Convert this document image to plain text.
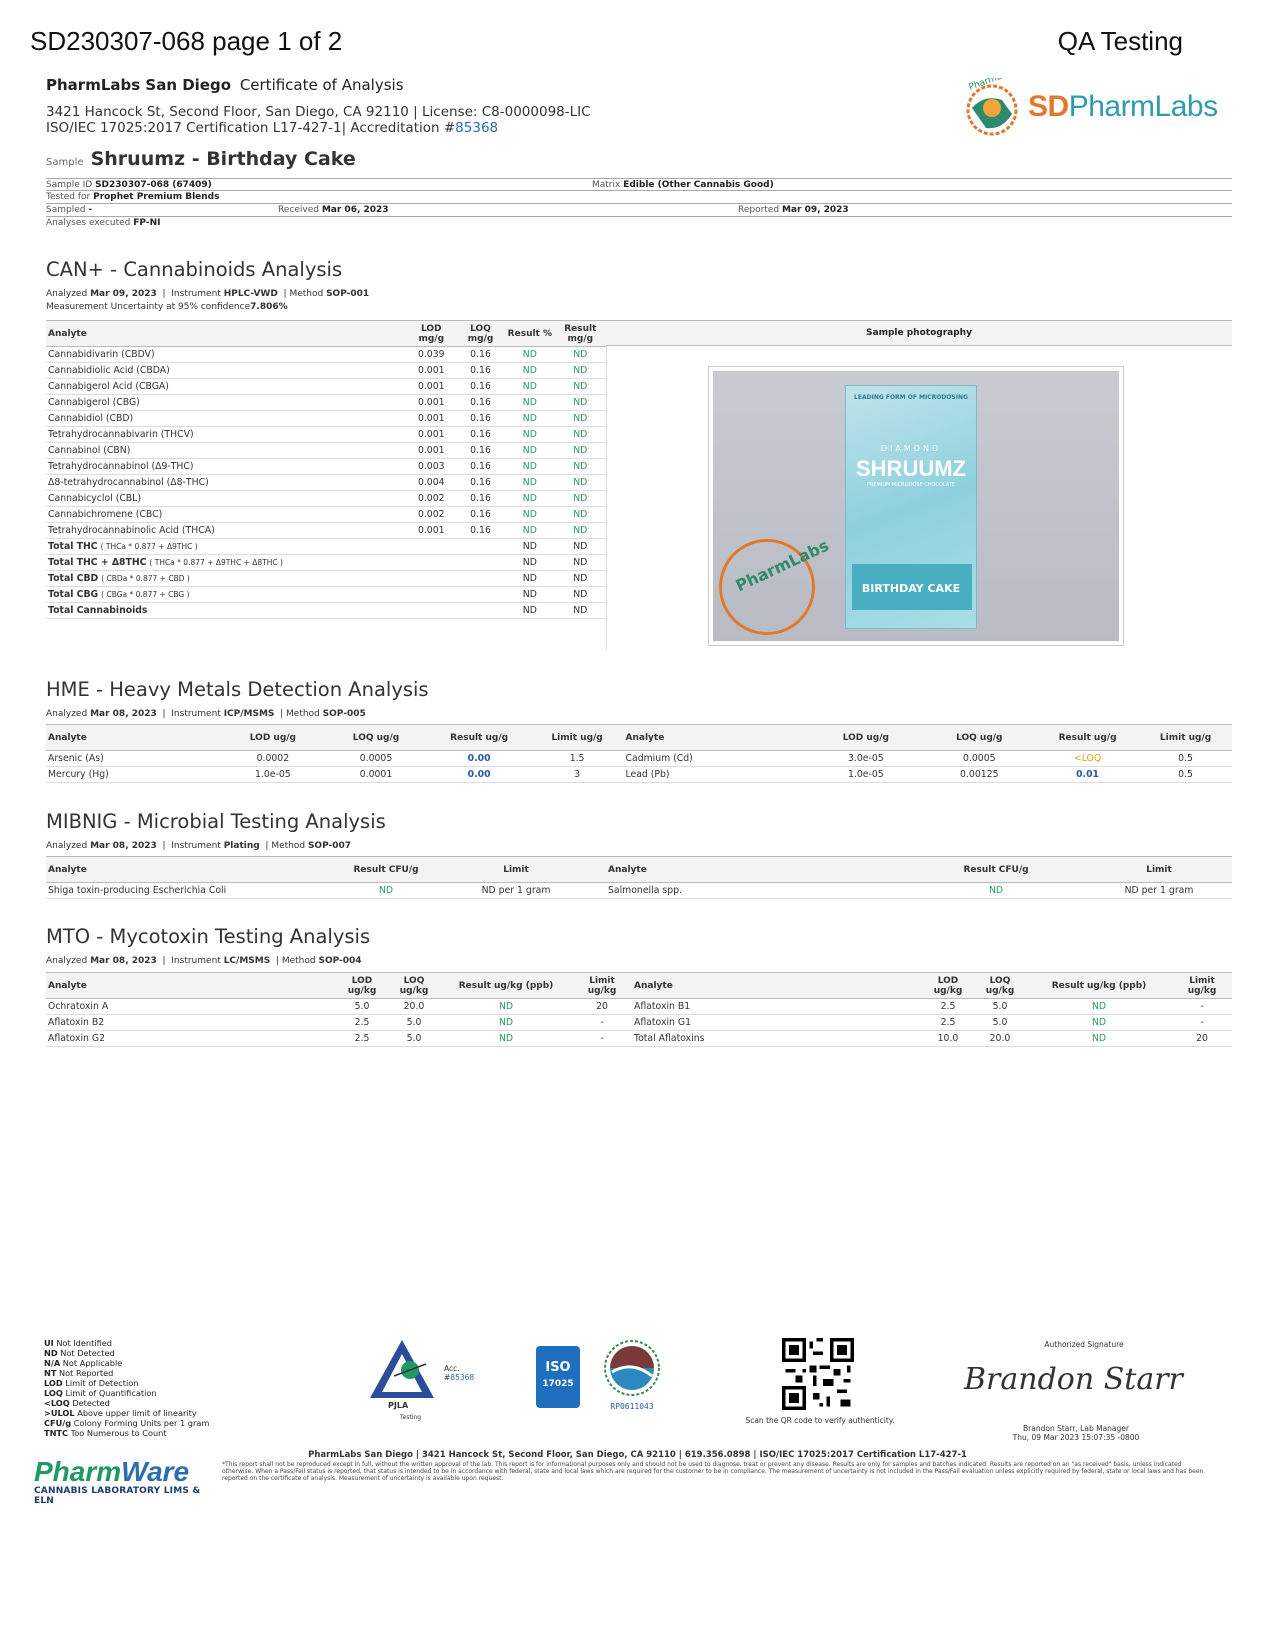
SD230307-068 page 1 of 2	QA Testing
PharmLabs San Diego Certificate of Analysis
3421 Hancock St, Second Floor, San Diego, CA 92110 | License: C8-0000098-LIC
ISO/IEC 17025:2017 Certification L17-427-1| Accreditation #85368
PharmLabs
SDPharmLabs
Sample Shruumz - Birthday Cake
Sample ID SD230307-068 (67409)	Matrix Edible (Other Cannabis Good)
Tested for Prophet Premium Blends
Sampled -	Received Mar 06, 2023	Reported Mar 09, 2023
Analyses executed FP-NI
CAN+ - Cannabinoids Analysis
Analyzed Mar 09, 2023  |  Instrument HPLC-VWD  | Method SOP-001
Measurement Uncertainty at 95% confidence7.806%
Analyte	LOD mg/g	LOQ mg/g	Result %	Result mg/g
Cannabidivarin (CBDV)	0.039	0.16	ND	ND
Cannabidiolic Acid (CBDA)	0.001	0.16	ND	ND
Cannabigerol Acid (CBGA)	0.001	0.16	ND	ND
Cannabigerol (CBG)	0.001	0.16	ND	ND
Cannabidiol (CBD)	0.001	0.16	ND	ND
Tetrahydrocannabivarin (THCV)	0.001	0.16	ND	ND
Cannabinol (CBN)	0.001	0.16	ND	ND
Tetrahydrocannabinol (Δ9-THC)	0.003	0.16	ND	ND
Δ8-tetrahydrocannabinol (Δ8-THC)	0.004	0.16	ND	ND
Cannabicyclol (CBL)	0.002	0.16	ND	ND
Cannabichromene (CBC)	0.002	0.16	ND	ND
Tetrahydrocannabinolic Acid (THCA)	0.001	0.16	ND	ND
Total THC ( THCa * 0.877 + Δ9THC )			ND	ND
Total THC + Δ8THC ( THCa * 0.877 + Δ9THC + Δ8THC )			ND	ND
Total CBD ( CBDa * 0.877 + CBD )			ND	ND
Total CBG ( CBGa * 0.877 + CBG )			ND	ND
Total Cannabinoids			ND	ND
Sample photography
LEADING FORM OF MICRODOSING
DIAMOND
SHRUUMZ
PREMIUM MICRODOSE CHOCOLATE
BIRTHDAY CAKE
PharmLabs
HME - Heavy Metals Detection Analysis
Analyzed Mar 08, 2023  |  Instrument ICP/MSMS  | Method SOP-005
Analyte	LOD ug/g	LOQ ug/g	Result ug/g	Limit ug/g	Analyte	LOD ug/g	LOQ ug/g	Result ug/g	Limit ug/g
Arsenic (As)	0.0002	0.0005	0.00	1.5	Cadmium (Cd)	3.0e-05	0.0005	<LOQ	0.5
Mercury (Hg)	1.0e-05	0.0001	0.00	3	Lead (Pb)	1.0e-05	0.00125	0.01	0.5
MIBNIG - Microbial Testing Analysis
Analyzed Mar 08, 2023  |  Instrument Plating  | Method SOP-007
Analyte	Result CFU/g	Limit	Analyte	Result CFU/g	Limit
Shiga toxin-producing Escherichia Coli	ND	ND per 1 gram	Salmonella spp.	ND	ND per 1 gram
MTO - Mycotoxin Testing Analysis
Analyzed Mar 08, 2023  |  Instrument LC/MSMS  | Method SOP-004
Analyte	LOD ug/kg	LOQ ug/kg	Result ug/kg (ppb)	Limit ug/kg	Analyte	LOD ug/kg	LOQ ug/kg	Result ug/kg (ppb)	Limit ug/kg
Ochratoxin A	5.0	20.0	ND	20	Aflatoxin B1	2.5	5.0	ND	-
Aflatoxin B2	2.5	5.0	ND	-	Aflatoxin G1	2.5	5.0	ND	-
Aflatoxin G2	2.5	5.0	ND	-	Total Aflatoxins	10.0	20.0	ND	20
UI Not Identified
ND Not Detected
N/A Not Applicable
NT Not Reported
LOD Limit of Detection
LOQ Limit of Quantification
<LOQ Detected
>ULOL Above upper limit of linearity
CFU/g Colony Forming Units per 1 gram
TNTC Too Numerous to Count
PJLA
Acc. #85368
Testing
ISO
17025
RP0611043
Scan the QR code to verify authenticity.
Authorized Signature
Brandon Starr
Brandon Starr, Lab Manager
Thu, 09 Mar 2023 15:07:35 -0800
PharmLabs San Diego | 3421 Hancock St, Second Floor, San Diego, CA 92110 | 619.356.0898 | ISO/IEC 17025:2017 Certification L17-427-1
*This report shall not be reproduced except in full, without the written approval of the lab. This report is for informational purposes only and should not be used to diagnose, treat or prevent any disease. Results are only for samples and batches indicated. Results are reported on an "as received" basis, unless indicated otherwise. When a Pass/Fail status is reported, that status is intended to be in accordance with federal, state and local laws which are required for the customer to be in compliance. The measurement of uncertainty is not included in the Pass/Fail evaluation unless explicitly required by federal, state or local laws and has been reported on the certificate of analysis. Measurement of uncertainty is available upon request.
PharmWare
CANNABIS LABORATORY LIMS & ELN
